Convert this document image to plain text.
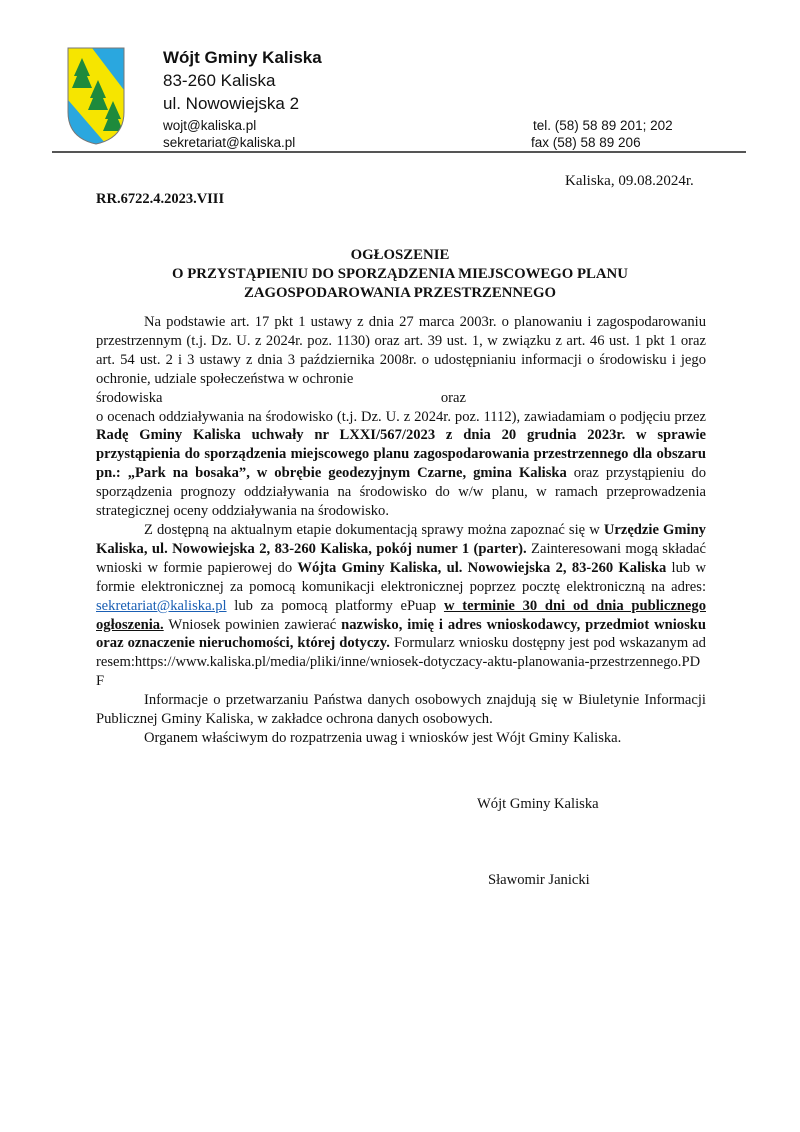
Wójt Gminy Kaliska
83-260 Kaliska
ul. Nowowiejska 2
wojt@kaliska.pl
sekretariat@kaliska.pl
tel. (58) 58 89 201; 202
fax (58) 58 89 206
Kaliska, 09.08.2024r.
RR.6722.4.2023.VIII
OGŁOSZENIE
O PRZYSTĄPIENIU DO SPORZĄDZENIA MIEJSCOWEGO PLANU
ZAGOSPODAROWANIA PRZESTRZENNEGO

Na podstawie art. 17 pkt 1 ustawy z dnia 27 marca 2003r. o planowaniu i zagospodarowaniu przestrzennym (t.j. Dz. U. z 2024r. poz. 1130) oraz art. 39 ust. 1, w związku z art. 46 ust. 1 pkt 1 oraz art. 54 ust. 2 i 3 ustawy z dnia 3 października 2008r. o udostępnianiu informacji o środowisku i jego ochronie, udziale społeczeństwa w ochronie

środowiska	oraz

o ocenach oddziaływania na środowisko (t.j. Dz. U. z 2024r. poz. 1112), zawiadamiam o podjęciu przez Radę Gminy Kaliska uchwały nr LXXI/567/2023 z dnia 20 grudnia 2023r. w sprawie przystąpienia do sporządzenia miejscowego planu zagospodarowania przestrzennego dla obszaru pn.: „Park na bosaka”, w obrębie geodezyjnym Czarne, gmina Kaliska oraz przystąpieniu do sporządzenia prognozy oddziaływania na środowisko do w/w planu, w ramach przeprowadzenia strategicznej oceny oddziaływania na środowisko.

Z dostępną na aktualnym etapie dokumentacją sprawy można zapoznać się w Urzędzie Gminy Kaliska, ul. Nowowiejska 2, 83-260 Kaliska, pokój numer 1 (parter). Zainteresowani mogą składać wnioski w formie papierowej do Wójta Gminy Kaliska, ul. Nowowiejska 2, 83-260 Kaliska lub w formie elektronicznej za pomocą komunikacji elektronicznej poprzez pocztę elektroniczną na adres: sekretariat@kaliska.pl lub za pomocą platformy ePuap w terminie 30 dni od dnia publicznego ogłoszenia. Wniosek powinien zawierać nazwisko, imię i adres wnioskodawcy, przedmiot wniosku oraz oznaczenie nieruchomości, której dotyczy. Formularz wniosku dostępny jest pod wskazanym adresem:https://www.kaliska.pl/media/pliki/inne/wniosek-dotyczacy-aktu-planowania-przestrzennego.PDF

Informacje o przetwarzaniu Państwa danych osobowych znajdują się w Biuletynie Informacji Publicznej Gminy Kaliska, w zakładce ochrona danych osobowych.

Organem właściwym do rozpatrzenia uwag i wniosków jest Wójt Gminy Kaliska.

Wójt Gminy Kaliska
Sławomir Janicki
